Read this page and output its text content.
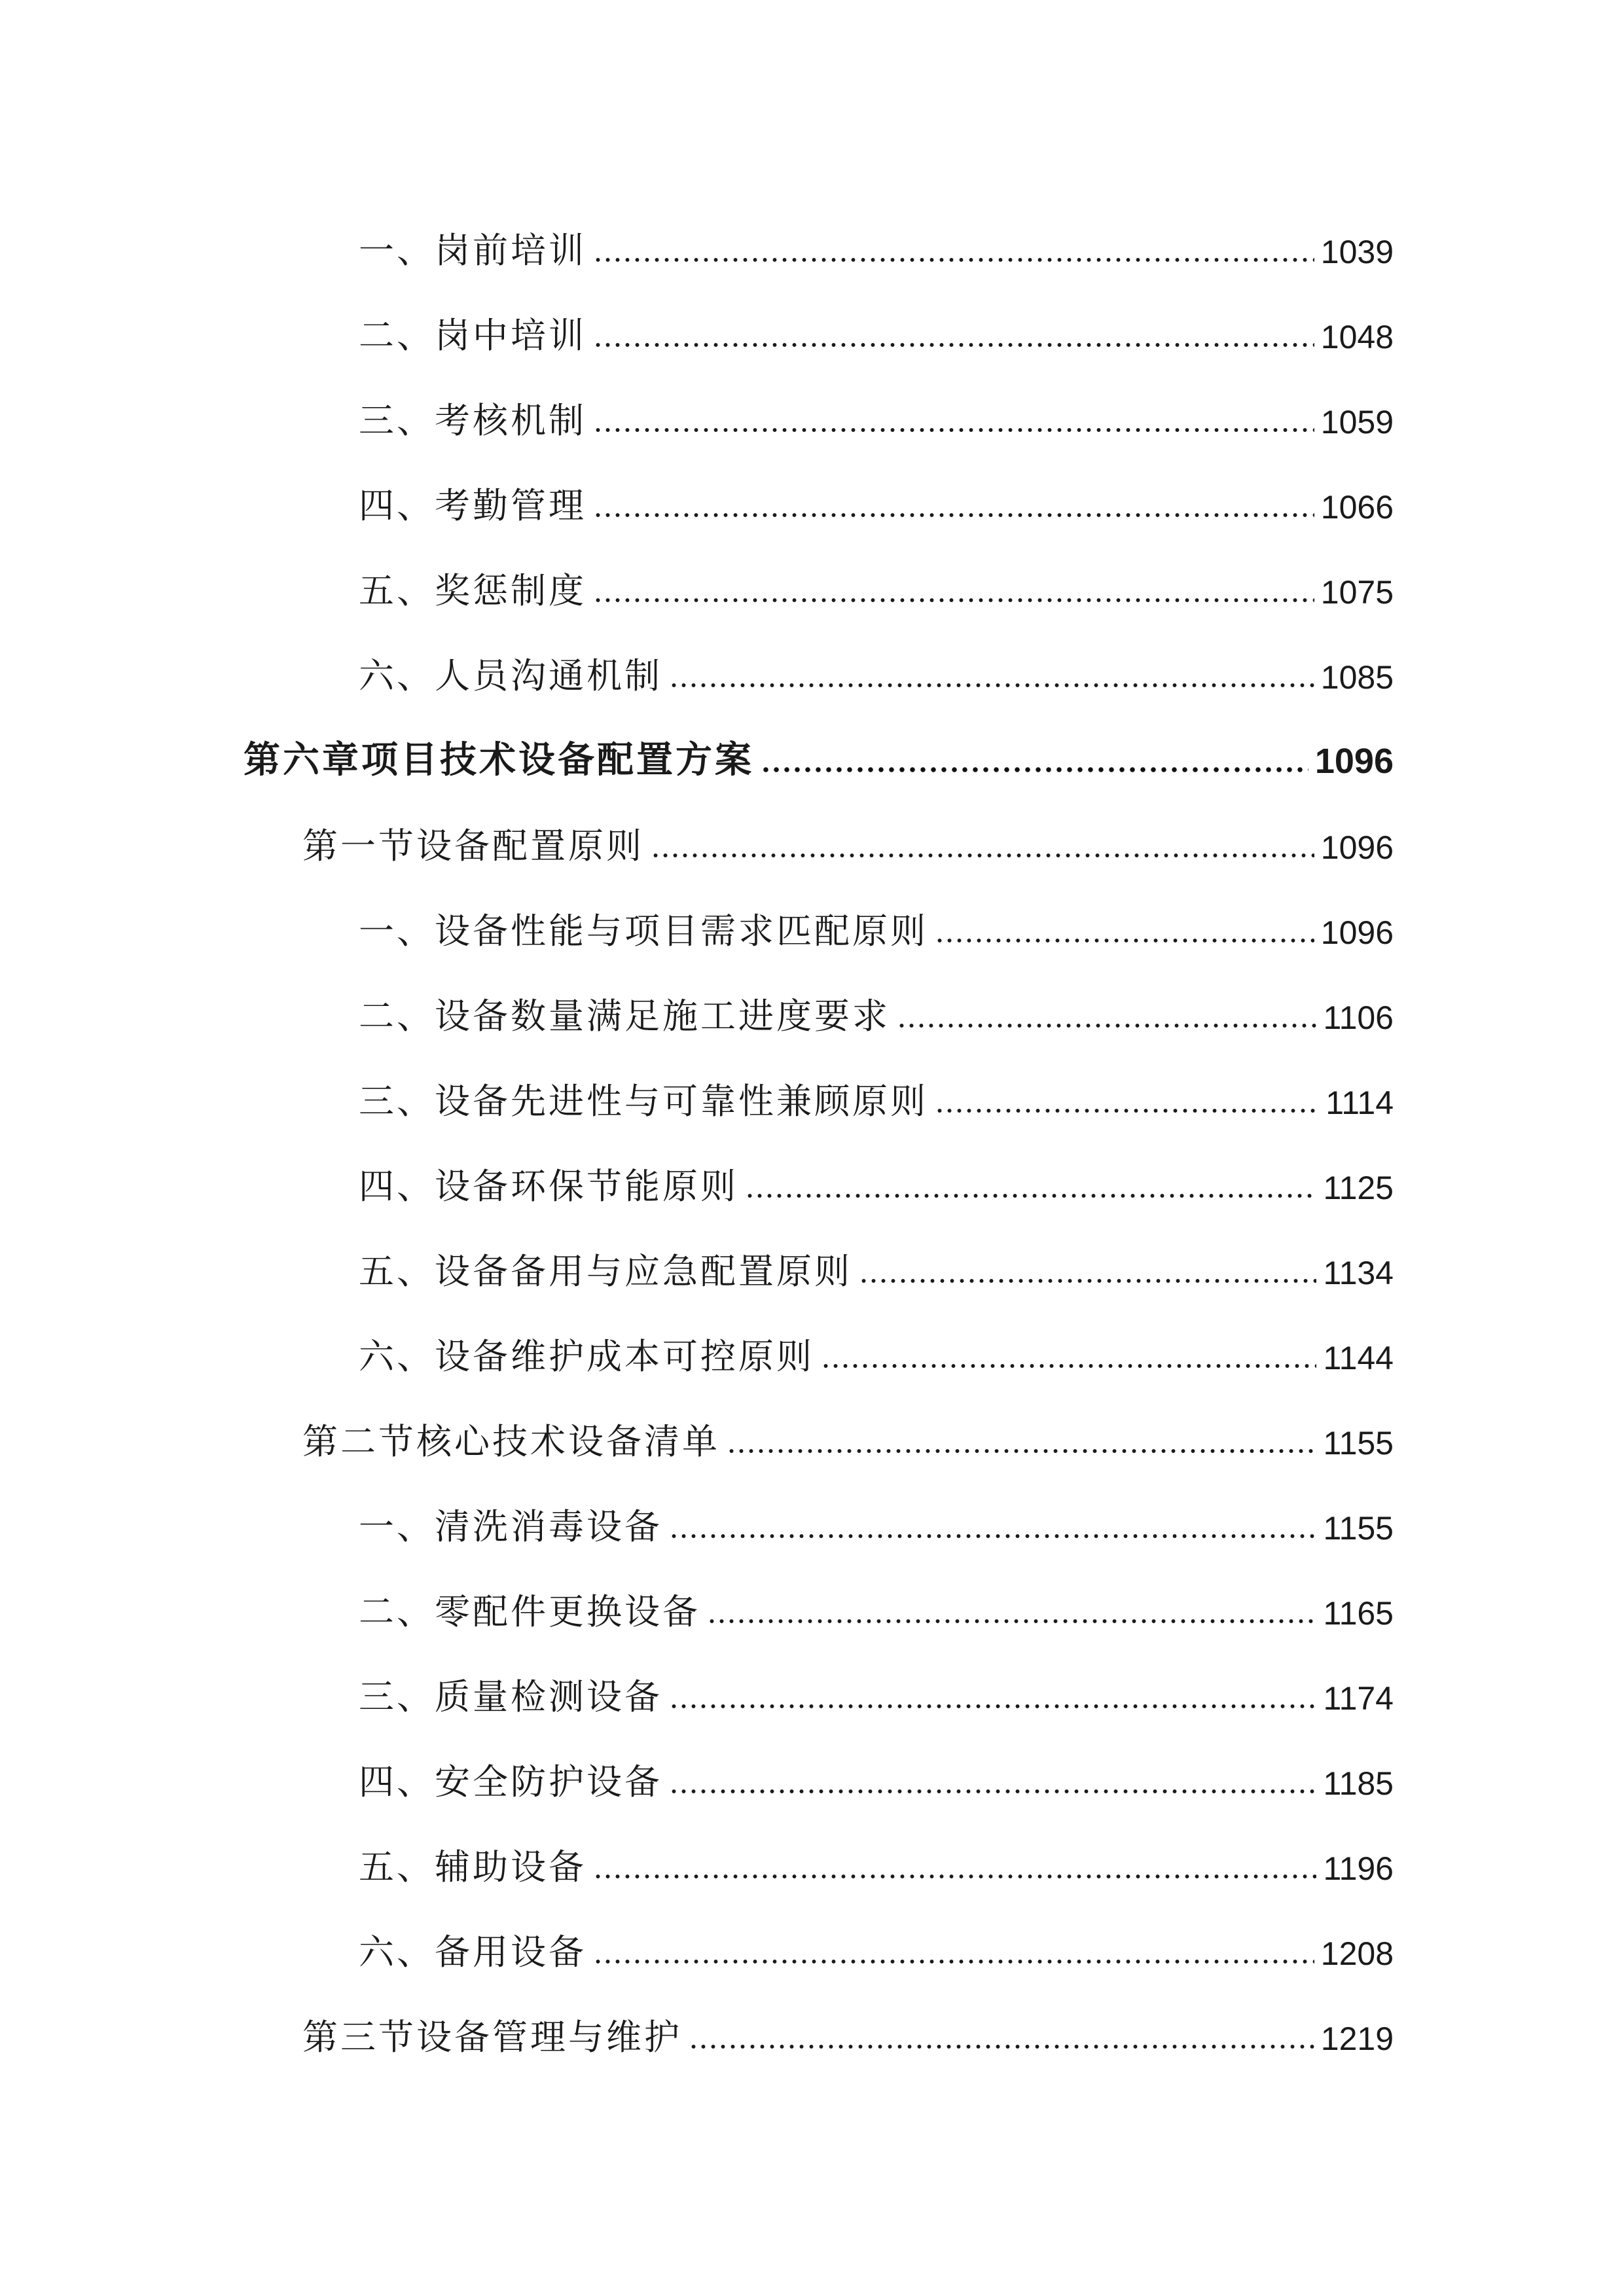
一、岗前培训	1039
二、岗中培训	1048
三、考核机制	1059
四、考勤管理	1066
五、奖惩制度	1075
六、人员沟通机制	1085
第六章项目技术设备配置方案	1096
第一节设备配置原则	1096
一、设备性能与项目需求匹配原则	1096
二、设备数量满足施工进度要求	1106
三、设备先进性与可靠性兼顾原则	1114
四、设备环保节能原则	1125
五、设备备用与应急配置原则	1134
六、设备维护成本可控原则	1144
第二节核心技术设备清单	1155
一、清洗消毒设备	1155
二、零配件更换设备	1165
三、质量检测设备	1174
四、安全防护设备	1185
五、辅助设备	1196
六、备用设备	1208
第三节设备管理与维护	1219
